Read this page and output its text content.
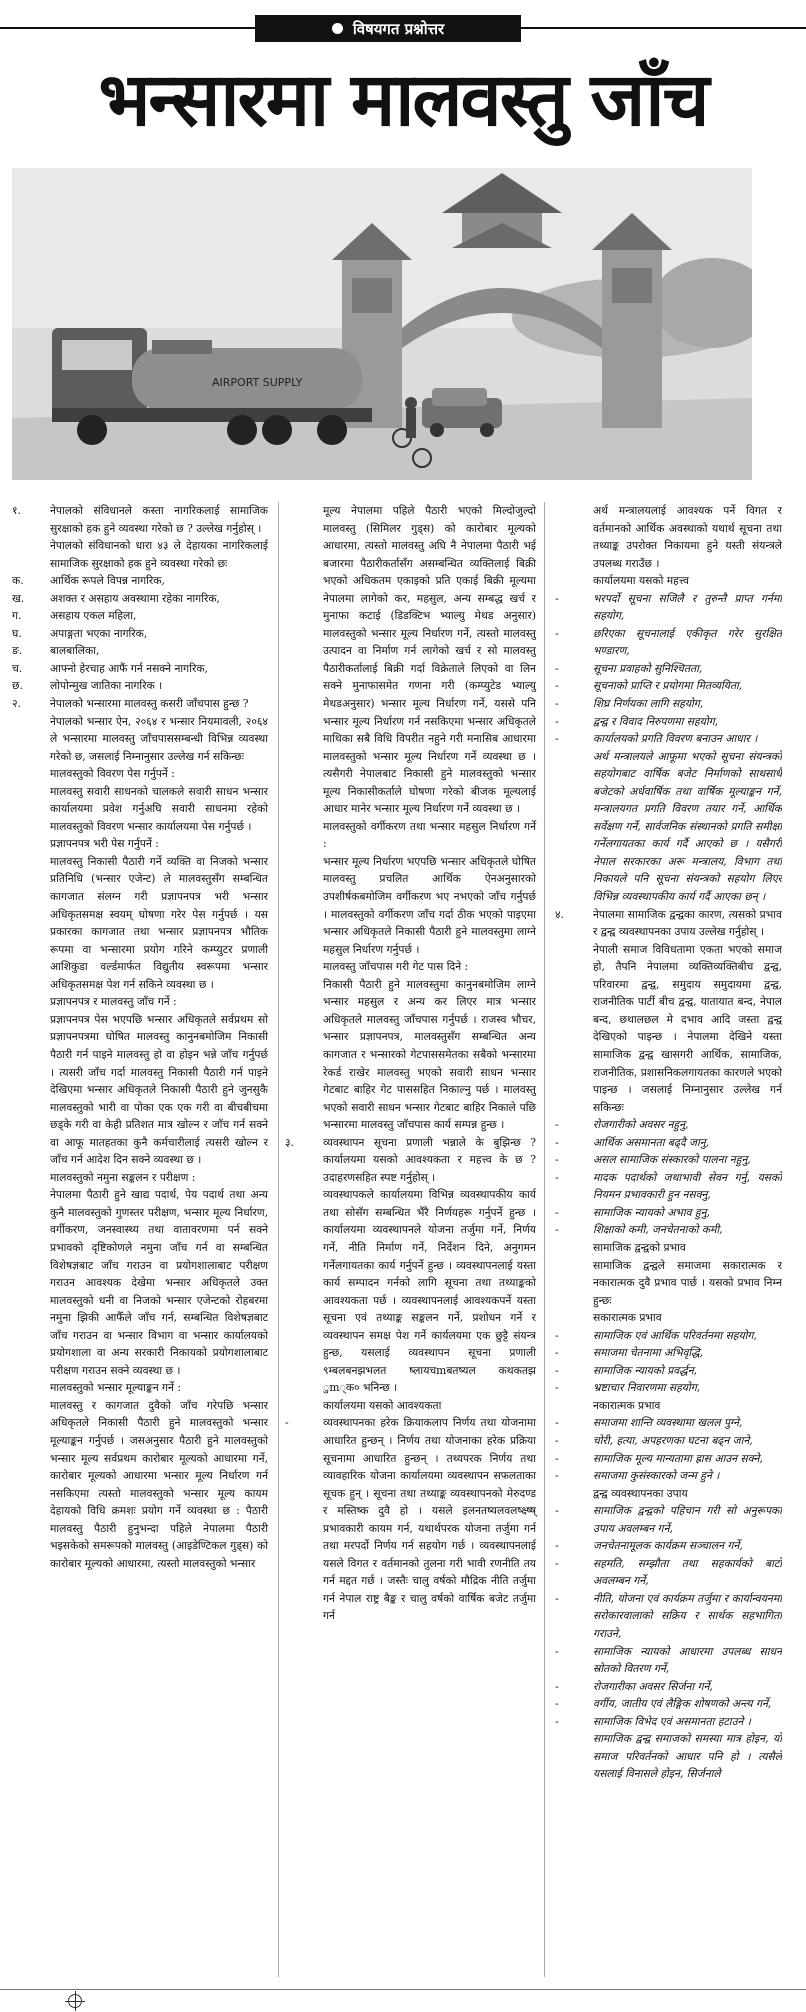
विषयगत प्रश्नोत्तर
भन्सारमा मालवस्तु जाँच
AIRPORT SUPPLY
१.	नेपालको संविधानले कस्ता नागरिकलाई सामाजिक सुरक्षाको हक हुने व्यवस्था गरेको छ ? उल्लेख गर्नुहोस् ।
नेपालको संविधानको धारा ४३ ले देहायका नागरिकलाई सामाजिक सुरक्षाको हक हुने व्यवस्था गरेको छः
क.	आर्थिक रूपले विपन्न नागरिक,
ख.	अशक्त र असहाय अवस्थामा रहेका नागरिक,
ग.	असहाय एकल महिला,
घ.	अपाङ्गता भएका नागरिक,
ङ.	बालबालिका,
च.	आफ्नो हेरचाह आफैं गर्न नसक्ने नागरिक,
छ.	लोपोन्मुख जातिका नागरिक ।
२.	नेपालको भन्सारमा मालवस्तु कसरी जाँचपास हुन्छ ?
नेपालको भन्सार ऐन, २०६४ र भन्सार नियमावली, २०६४ ले भन्सारमा मालवस्तु जाँचपाससम्बन्धी विभिन्न व्यवस्था गरेको छ, जसलाई निम्नानुसार उल्लेख गर्न सकिन्छः
मालवस्तुको विवरण पेस गर्नुपर्ने :
मालवस्तु सवारी साधनको चालकले सवारी साधन भन्सार कार्यालयमा प्रवेश गर्नुअघि सवारी साधनमा रहेको मालवस्तुको विवरण भन्सार कार्यालयमा पेस गर्नुपर्छ ।
प्रज्ञापनपत्र भरी पेस गर्नुपर्ने :
मालवस्तु निकासी पैठारी गर्ने व्यक्ति वा निजको भन्सार प्रतिनिधि (भन्सार एजेन्ट) ले मालवस्तुसँग सम्बन्धित कागजात संलग्न गरी प्रज्ञापनपत्र भरी भन्सार अधिकृतसमक्ष स्वयम् घोषणा गरेर पेस गर्नुपर्छ । यस प्रकारका कागजात तथा भन्सार प्रज्ञापनपत्र भौतिक रूपमा वा भन्सारमा प्रयोग गरिने कम्प्युटर प्रणाली आशिकुडा वर्ल्डमार्फत विद्युतीय स्वरूपमा भन्सार अधिकृतसमक्ष पेश गर्न सकिने व्यवस्था छ ।
प्रज्ञापनपत्र र मालवस्तु जाँच गर्ने :
प्रज्ञापनपत्र पेस भएपछि भन्सार अधिकृतले सर्वप्रथम सो प्रज्ञापनपत्रमा घोषित मालवस्तु कानुनबमोजिम निकासी पैठारी गर्न पाइने मालवस्तु हो वा होइन भन्ने जाँच गर्नुपर्छ । त्यसरी जाँच गर्दा मालवस्तु निकासी पैठारी गर्न पाइने देखिएमा भन्सार अधिकृतले निकासी पैठारी हुने जुनसुकै मालवस्तुको भारी वा पोका एक एक गरी वा बीचबीचमा छड्के गरी वा केही प्रतिशत मात्र खोल्न र जाँच गर्न सक्ने वा आफू मातहतका कुनै कर्मचारीलाई त्यसरी खोल्न र जाँच गर्न आदेश दिन सक्ने व्यवस्था छ ।
मालवस्तुको नमुना सङ्कलन र परीक्षण :
नेपालमा पैठारी हुने खाद्य पदार्थ, पेय पदार्थ तथा अन्य कुनै मालवस्तुको गुणस्तर परीक्षण, भन्सार मूल्य निर्धारण, वर्गीकरण, जनस्वास्थ्य तथा वातावरणमा पर्न सक्ने प्रभावको दृष्टिकोणले नमुना जाँच गर्न वा सम्बन्धित विशेषज्ञबाट जाँच गराउन वा प्रयोगशालाबाट परीक्षण गराउन आवश्यक देखेमा भन्सार अधिकृतले उक्त मालवस्तुको धनी वा निजको भन्सार एजेन्टको रोहबरमा नमुना झिकी आफैँले जाँच गर्न, सम्बन्धित विशेषज्ञबाट जाँच गराउन वा भन्सार विभाग वा भन्सार कार्यालयको प्रयोगशाला वा अन्य सरकारी निकायको प्रयोगशालाबाट परीक्षण गराउन सक्ने व्यवस्था छ ।
मालवस्तुको भन्सार मूल्याङ्कन गर्ने :
मालवस्तु र कागजात दुवैको जाँच गरेपछि भन्सार अधिकृतले निकासी पैठारी हुने मालवस्तुको भन्सार मूल्याङ्कन गर्नुपर्छ । जसअनुसार पैठारी हुने मालवस्तुको भन्सार मूल्य सर्वप्रथम कारोबार मूल्यको आधारमा गर्ने, कारोबार मूल्यको आधारमा भन्सार मूल्य निर्धारण गर्न नसकिएमा त्यस्तो मालवस्तुको भन्सार मूल्य कायम देहायको विधि क्रमशः प्रयोग गर्ने व्यवस्था छ : पैठारी मालवस्तु पैठारी हुनुभन्दा पहिले नेपालमा पैठारी भइसकेको समरूपको मालवस्तु (आइडेण्टिकल गुड्स) को कारोबार मूल्यको आधारमा, त्यस्तो मालवस्तुको भन्सार
मूल्य नेपालमा पहिले पैठारी भएको मिल्दोजुल्दो मालवस्तु (सिमिलर गुड्स) को कारोबार मूल्यको आधारमा, त्यस्तो मालवस्तु अघि नै नेपालमा पैठारी भई बजारमा पैठारीकर्तासँग असम्बन्धित व्यक्तिलाई बिक्री भएको अधिकतम एकाइको प्रति एकाई बिक्री मूल्यमा नेपालमा लागेको कर, महसुल, अन्य सम्बद्ध खर्च र मुनाफा कटाई (डिडक्टिभ भ्याल्यु मेथड अनुसार) मालवस्तुको भन्सार मूल्य निर्धारण गर्ने, त्यस्तो मालवस्तु उत्पादन वा निर्माण गर्न लागेको खर्च र सो मालवस्तु पैठारीकर्तालाई बिक्री गर्दा विक्रेताले लिएको वा लिन सक्ने मुनाफासमेत गणना गरी (कम्प्युटेड भ्याल्यु मेथडअनुसार) भन्सार मूल्य निर्धारण गर्ने, यससे पनि भन्सार मूल्य निर्धारण गर्न नसकिएमा भन्सार अधिकृतले माथिका सबै विधि विपरीत नहुने गरी मनासिब आधारमा मालवस्तुको भन्सार मूल्य निर्धारण गर्ने व्यवस्था छ । त्यसैगरी नेपालबाट निकासी हुने मालवस्तुको भन्सार मूल्य निकासीकर्ताले घोषणा गरेको बीजक मूल्यलाई आधार मानेर भन्सार मूल्य निर्धारण गर्ने व्यवस्था छ ।
मालवस्तुको वर्गीकरण तथा भन्सार महसुल निर्धारण गर्ने :
भन्सार मूल्य निर्धारण भएपछि भन्सार अधिकृतले घोषित मालवस्तु प्रचलित आर्थिक ऐनअनुसारको उपशीर्षकबमोजिम वर्गीकरण भए नभएको जाँच गर्नुपर्छ । मालवस्तुको वर्गीकरण जाँच गर्दा ठीक भएको पाइएमा भन्सार अधिकृतले निकासी पैठारी हुने मालवस्तुमा लाग्ने महसुल निर्धारण गर्नुपर्छ ।
मालवस्तु जाँचपास गरी गेट पास दिने :
निकासी पैठारी हुने मालवस्तुमा कानुनबमोजिम लाग्ने भन्सार महसुल र अन्य कर लिएर मात्र भन्सार अधिकृतले मालवस्तु जाँचपास गर्नुपर्छ । राजस्व भौचर, भन्सार प्रज्ञापनपत्र, मालवस्तुसँग सम्बन्धित अन्य कागजात र भन्सारको गेटपाससमेतका सबैको भन्सारमा रेकर्ड राखेर मालवस्तु भएको सवारी साधन भन्सार गेटबाट बाहिर गेट पाससहित निकाल्नु पर्छ । मालवस्तु भएको सवारी साधन भन्सार गेटबाट बाहिर निकाले पछि भन्सारमा मालवस्तु जाँचपास कार्य सम्पन्न हुन्छ ।
३.	व्यवस्थापन सूचना प्रणाली भन्नाले के बुझिन्छ ? कार्यालयमा यसको आवश्यकता र महत्त्व के छ ? उदाहरणसहित स्पष्ट गर्नुहोस् ।
व्यवस्थापकले कार्यालयमा विभिन्न व्यवस्थापकीय कार्य तथा सोसँग सम्बन्धित भैंरै निर्णयहरू गर्नुपर्ने हुन्छ । कार्यालयमा व्यवस्थापनले योजना तर्जुमा गर्ने, निर्णय गर्ने, नीति निर्माण गर्ने, निर्देशन दिने, अनुगमन गर्नेलगायतका कार्य गर्नुपर्ने हुन्छ । व्यवस्थापनलाई यस्ता कार्य सम्पादन गर्नको लागि सूचना तथा तथ्याङ्कको आवश्यकता पर्छ । व्यवस्थापनलाई आवश्यकपर्ने यस्ता सूचना एवं तथ्याङ्क सङ्कलन गर्ने, प्रशोधन गर्ने र व्यवस्थापन समक्ष पेश गर्ने कार्यलयमा एक छुट्टै संयन्त्र हुन्छ, यसलाई व्यवस्थापन सूचना प्रणाली ९म्बलबनझभलत ष्लायचmबतष्यल कथकतझ ुm्क० भनिन्छ ।
कार्यालयमा यसको आवश्यकता
-	व्यवस्थापनका हरेक क्रियाकलाप निर्णय तथा योजनामा आधारित हुन्छन् । निर्णय तथा योजनाका हरेक प्रक्रिया सूचनामा आधारित हुन्छन् । तथ्यपरक निर्णय तथा व्यावहारिक योजना कार्यालयमा व्यवस्थापन सफलताका सूचक हुन् । सूचना तथा तथ्याङ्क व्यवस्थापनको मेरुदण्ड र मस्तिष्क दुवै हो । यसले इलनतष्यलवलष्क्ष्ष्ष् प्रभावकारी कायम गर्न, यथार्थपरक योजना तर्जुमा गर्न तथा मरपर्दो निर्णय गर्न सहयोग गर्छ । व्यवस्थापनलाई यसले विगत र वर्तमानको तुलना गरी भावी रणनीति तय गर्न मद्दत गर्छ । जस्तैः चालु वर्षको मौद्रिक नीति तर्जुमा गर्न नेपाल राष्ट्र बैङ्क र चालु वर्षको वार्षिक बजेट तर्जुमा गर्न
अर्थ मन्त्रालयलाई आवश्यक पर्ने विगत र वर्तमानको आर्थिक अवस्थाको यथार्थ सूचना तथा तथ्याङ्क उपरोक्त निकायमा हुने यस्ती संयन्त्रले उपलब्ध गराउँछ ।
कार्यालयमा यसको महत्त्व
-	भरपर्दो सूचना सजिलै र तुरुन्तै प्राप्त गर्नमा सहयोग,
-	छरिएका सूचनालाई एकीकृत गरेर सुरक्षित भण्डारण,
-	सूचना प्रवाहको सुनिश्चितता,
-	सूचनाको प्राप्ति र प्रयोगमा मितव्ययिता,
-	शिघ्र निर्णयका लागि सहयोग,
-	द्वन्द्व र विवाद निरुपणमा सहयोग,
-	कार्यालयको प्रगति विवरण बनाउन आधार ।
अर्थ मन्त्रालयले आफूमा भएको सूचना संयन्त्रको सहयोगबाट वार्षिक बजेट निर्माणको साथसाथै बजेटको अर्धवार्षिक तथा वार्षिक मूल्याङ्कन गर्ने, मन्त्रालयगत प्रगति विवरण तयार गर्ने, आर्थिक सर्वेक्षण गर्ने, सार्वजनिक संस्थानको प्रगति समीक्षा गर्नेलगायतका कार्य गर्दै आएको छ । यसैगरी नेपाल सरकारका अरू मन्त्रालय, विभाग तथा निकायले पनि सूचना संयन्त्रको सहयोग लिएर विभिन्न व्यवस्थापकीय कार्य गर्दै आएका छन् ।
४.	नेपालमा सामाजिक द्वन्द्वका कारण, त्यसको प्रभाव र द्वन्द्व व्यवस्थापनका उपाय उल्लेख गर्नुहोस् ।
नेपाली समाज विविधतामा एकता भएको समाज हो, तैपनि नेपालमा व्यक्तिव्यक्तिबीच द्वन्द्व, परिवारमा द्वन्द्व, समुदाय समुदायमा द्वन्द्व, राजनीतिक पार्टी बीच द्वन्द्व, यातायात बन्द, नेपाल बन्द, छथालछल मे दभाव आदि जस्ता द्वन्द्व देखिएको पाइन्छ । नेपालमा देखिने यस्ता सामाजिक द्वन्द्व खासगरी आर्थिक, सामाजिक, राजनीतिक, प्रशासनिकलगायतका कारणले भएको पाइन्छ । जसलाई निम्नानुसार उल्लेख गर्न सकिन्छः
-	रोजगारीको अवसर नहुनु,
-	आर्थिक असमानता बढ्दै जानु,
-	असल सामाजिक संस्कारको पालना नहुनु,
-	मादक पदार्थको जथाभावी सेवन गर्नु, यसको नियमन प्रभावकारी हुन नसक्नु,
-	सामाजिक न्यायको अभाव हुनु,
-	शिक्षाको कमी, जनचेतनाको कमी,
सामाजिक द्वन्द्वको प्रभाव
सामाजिक द्वन्द्वले समाजमा सकारात्मक र नकारात्मक दुवै प्रभाव पार्छ । यसको प्रभाव निम्न हुन्छः
सकारात्मक प्रभाव
-	सामाजिक एवं आर्थिक परिवर्तनमा सहयोग,
-	समाजमा चेतनामा अभिवृद्धि,
-	सामाजिक न्यायको प्रवर्द्धन,
-	भ्रष्टाचार निवारणमा सहयोग,
नकारात्मक प्रभाव
-	समाजमा शान्ति व्यवस्थामा खलल पुग्ने,
-	चोरी, हत्या, अपहरणका घटना बढ्न जाने,
-	सामाजिक मूल्य मान्यतामा ह्रास आउन सक्ने,
-	समाजमा कुसंस्कारको जन्म हुने ।
द्वन्द्व व्यवस्थापनका उपाय
-	सामाजिक द्वन्द्वको पहिचान गरी सो अनुरूपका उपाय अवलम्बन गर्ने,
-	जनचेतनामूलक कार्यक्रम सञ्चालन गर्ने,
-	सहमति, सम्झौता तथा सहकार्यको बाटो अवलम्बन गर्ने,
-	नीति, योजना एवं कार्यक्रम तर्जुमा र कार्यान्वयनमा सरोकारवालाको सक्रिय र सार्थक सहभागिता गराउने,
-	सामाजिक न्यायको आधारमा उपलब्ध साधन स्रोतको वितरण गर्ने,
-	रोजगारीका अवसर सिर्जना गर्ने,
-	वर्गीय, जातीय एवं लैङ्गिक शोषणको अन्त्य गर्ने,
-	सामाजिक विभेद एवं असमानता हटाउने ।
सामाजिक द्वन्द्व समाजको समस्या मात्र होइन, यो समाज परिवर्तनको आधार पनि हो । त्यसैले यसलाई विनासले होइन, सिर्जनाले
